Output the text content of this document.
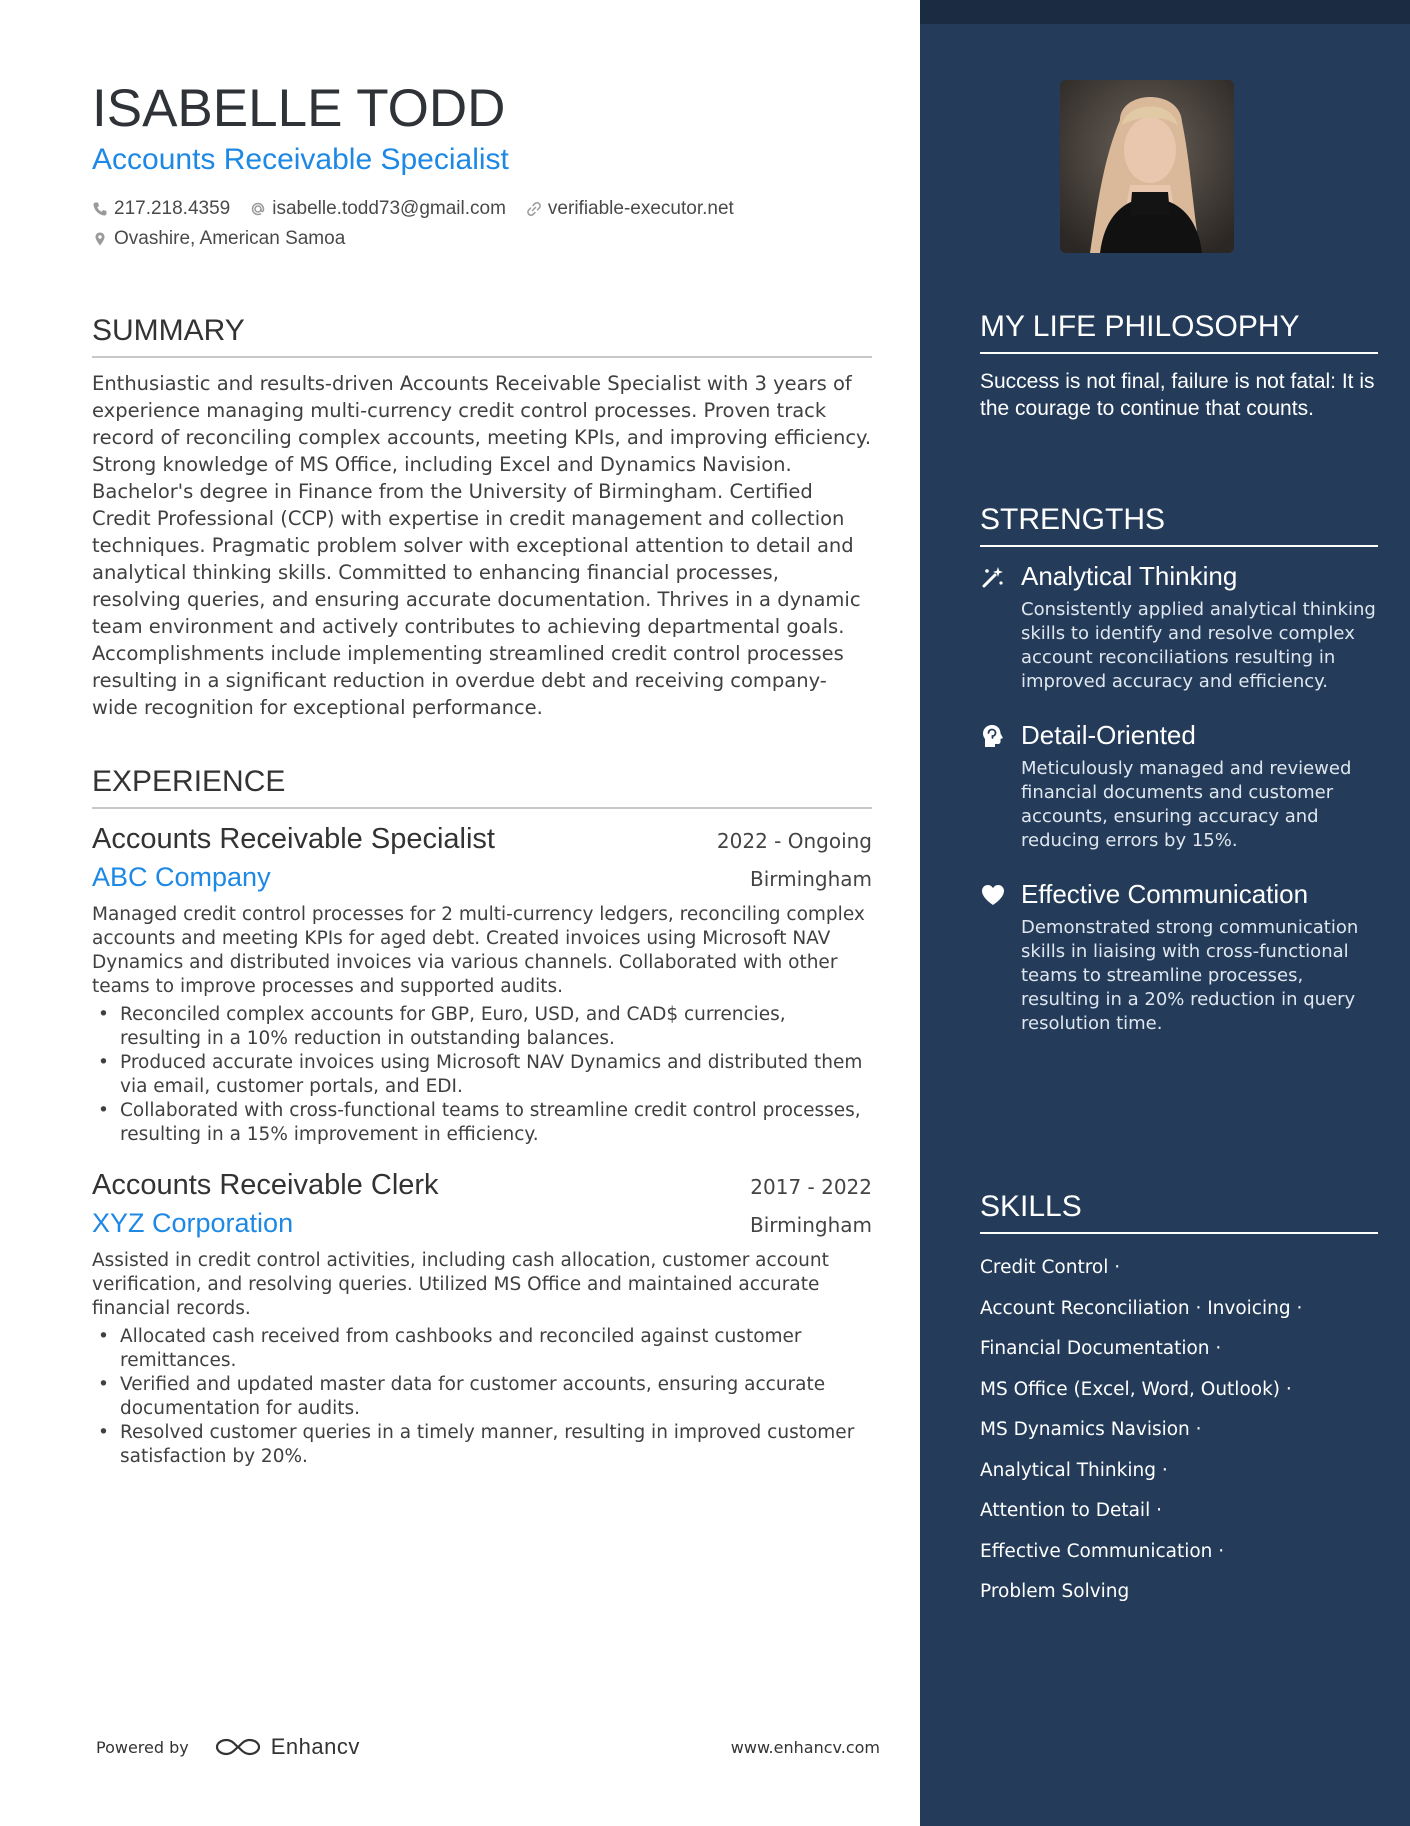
ISABELLE TODD
Accounts Receivable Specialist
217.218.4359 isabelle.todd73@gmail.com verifiable-executor.net
Ovashire, American Samoa
SUMMARY
Enthusiastic and results-driven Accounts Receivable Specialist with 3 years of experience managing multi-currency credit control processes. Proven track record of reconciling complex accounts, meeting KPIs, and improving efficiency. Strong knowledge of MS Office, including Excel and Dynamics Navision. Bachelor's degree in Finance from the University of Birmingham. Certified Credit Professional (CCP) with expertise in credit management and collection techniques. Pragmatic problem solver with exceptional attention to detail and analytical thinking skills. Committed to enhancing financial processes, resolving queries, and ensuring accurate documentation. Thrives in a dynamic team environment and actively contributes to achieving departmental goals. Accomplishments include implementing streamlined credit control processes resulting in a significant reduction in overdue debt and receiving company-wide recognition for exceptional performance.
EXPERIENCE
Accounts Receivable Specialist	2022 - Ongoing
ABC Company	Birmingham
Managed credit control processes for 2 multi-currency ledgers, reconciling complex accounts and meeting KPIs for aged debt. Created invoices using Microsoft NAV Dynamics and distributed invoices via various channels. Collaborated with other teams to improve processes and supported audits.
• Reconciled complex accounts for GBP, Euro, USD, and CAD$ currencies, resulting in a 10% reduction in outstanding balances.
• Produced accurate invoices using Microsoft NAV Dynamics and distributed them via email, customer portals, and EDI.
• Collaborated with cross-functional teams to streamline credit control processes, resulting in a 15% improvement in efficiency.
Accounts Receivable Clerk	2017 - 2022
XYZ Corporation	Birmingham
Assisted in credit control activities, including cash allocation, customer account verification, and resolving queries. Utilized MS Office and maintained accurate financial records.
• Allocated cash received from cashbooks and reconciled against customer remittances.
• Verified and updated master data for customer accounts, ensuring accurate documentation for audits.
• Resolved customer queries in a timely manner, resulting in improved customer satisfaction by 20%.
Powered by	Enhancv	www.enhancv.com
MY LIFE PHILOSOPHY
Success is not final, failure is not fatal: It is the courage to continue that counts.
STRENGTHS
Analytical Thinking
Consistently applied analytical thinking skills to identify and resolve complex account reconciliations resulting in improved accuracy and efficiency.
Detail-Oriented
Meticulously managed and reviewed financial documents and customer accounts, ensuring accuracy and reducing errors by 15%.
Effective Communication
Demonstrated strong communication skills in liaising with cross-functional teams to streamline processes, resulting in a 20% reduction in query resolution time.
SKILLS
Credit Control ·
Account Reconciliation · Invoicing ·
Financial Documentation ·
MS Office (Excel, Word, Outlook) ·
MS Dynamics Navision ·
Analytical Thinking ·
Attention to Detail ·
Effective Communication ·
Problem Solving
